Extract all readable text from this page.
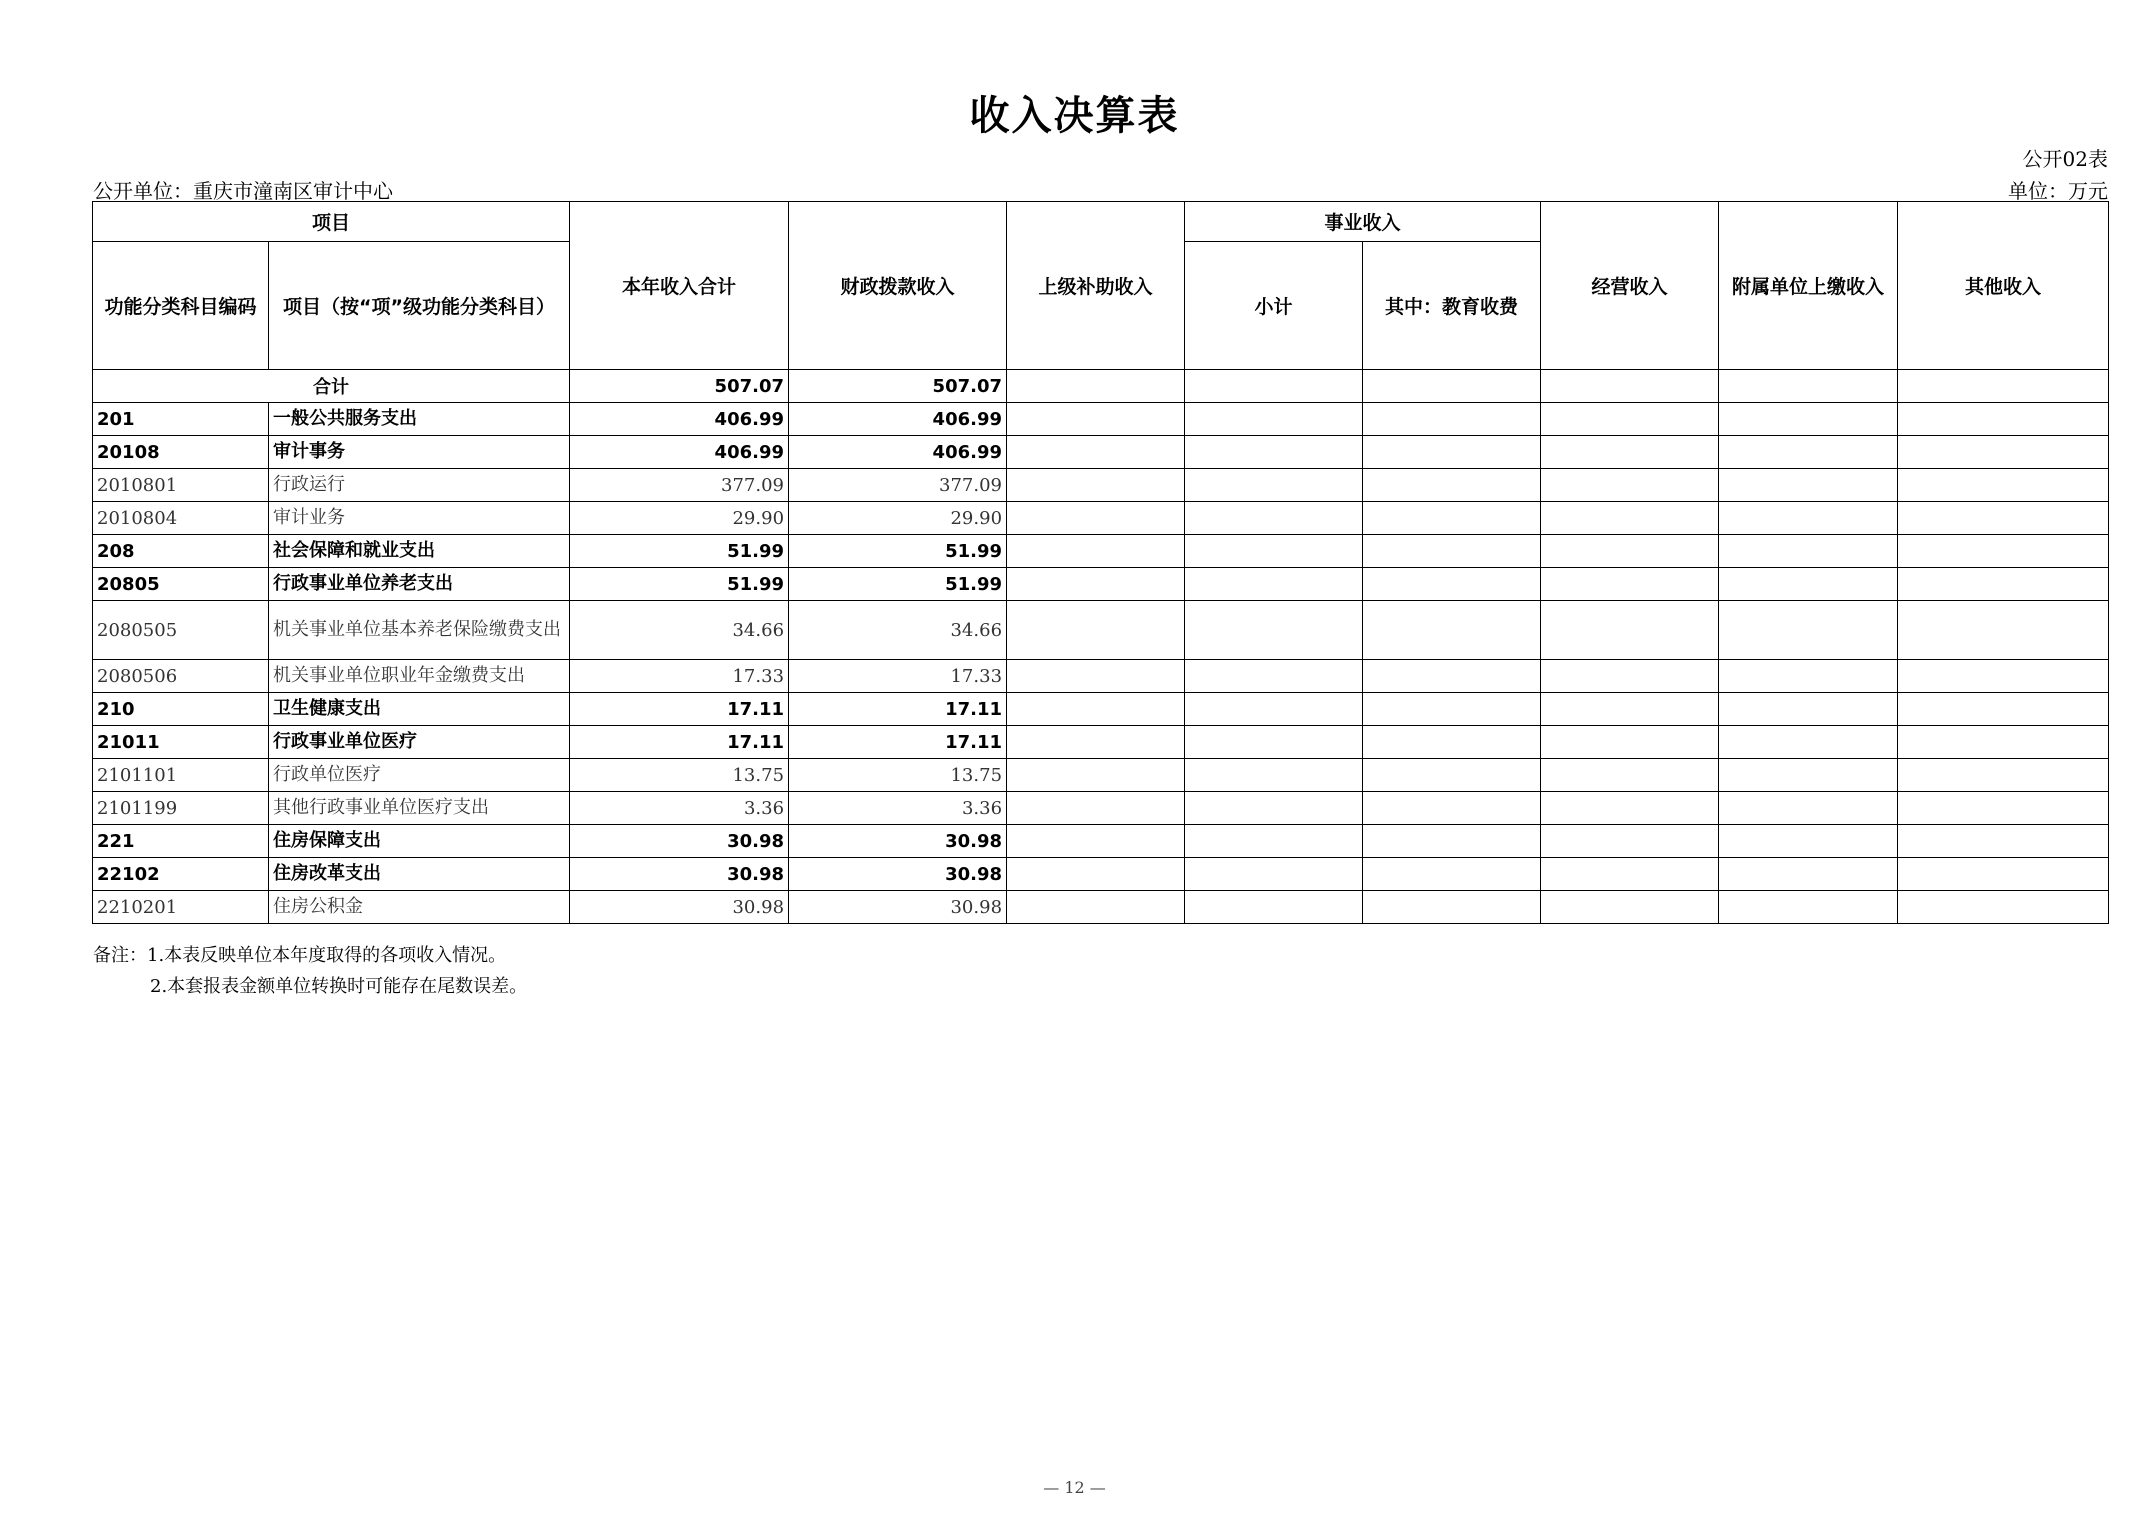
收入决算表
公开02表
公开单位：重庆市潼南区审计中心	单位：万元
项目		本年收入合计	财政拨款收入	上级补助收入	事业收入		经营收入	附属单位上缴收入	其他收入
功能分类科目编码	项目（按“项”级功能分类科目）				小计	其中：教育收费			
合计		507.07	507.07						
201	一般公共服务支出	406.99	406.99						
20108	审计事务	406.99	406.99						
2010801	行政运行	377.09	377.09						
2010804	审计业务	29.90	29.90						
208	社会保障和就业支出	51.99	51.99						
20805	行政事业单位养老支出	51.99	51.99						
2080505	机关事业单位基本养老保险缴费支出	34.66	34.66						
2080506	机关事业单位职业年金缴费支出	17.33	17.33						
210	卫生健康支出	17.11	17.11						
21011	行政事业单位医疗	17.11	17.11						
2101101	行政单位医疗	13.75	13.75						
2101199	其他行政事业单位医疗支出	3.36	3.36						
221	住房保障支出	30.98	30.98						
22102	住房改革支出	30.98	30.98						
2210201	住房公积金	30.98	30.98						
备注：1.本表反映单位本年度取得的各项收入情况。
2.本套报表金额单位转换时可能存在尾数误差。
— 12 —
